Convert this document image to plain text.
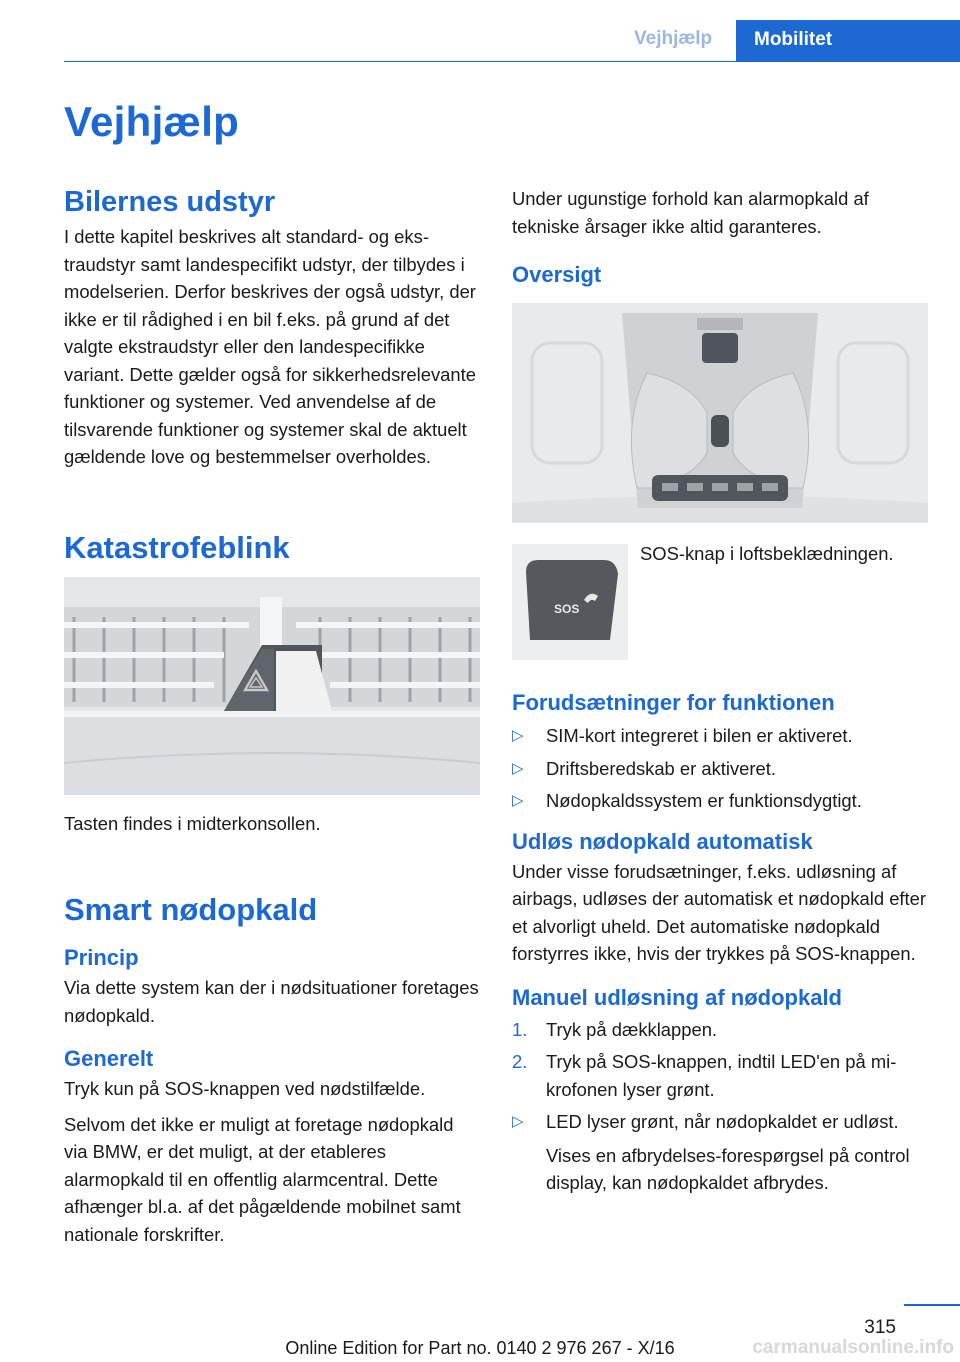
Vejhjælp	Mobilitet
Vejhjælp
Bilernes udstyr

I dette kapitel beskrives alt standard- og ekstraudstyr samt landespecifikt udstyr, der tilbydes i modelserien. Derfor beskrives der også udstyr, der ikke er til rådighed i en bil f.eks. på grund af det valgte ekstraudstyr eller den landespecifikke variant. Dette gælder også for sikkerhedsrelevante funktioner og systemer. Ved anvendelse af de tilsvarende funktioner og systemer skal de aktuelt gældende love og bestemmelser overholdes.

Katastrofeblink

Tasten findes i midterkonsollen.

Smart nødopkald
Princip

Via dette system kan der i nødsituationer foretages nødopkald.

Generelt

Tryk kun på SOS-knappen ved nødstilfælde.

Selvom det ikke er muligt at foretage nødopkald via BMW, er det muligt, at der etableres alarmopkald til en offentlig alarmcentral. Dette afhænger bl.a. af det pågældende mobilnet samt nationale forskrifter.

Under ugunstige forhold kan alarmopkald af tekniske årsager ikke altid garanteres.

Oversigt
SOS

SOS-knap i loftsbeklædningen.

Forudsætninger for funktionen
▷ SIM-kort integreret i bilen er aktiveret.
▷ Driftsberedskab er aktiveret.
▷ Nødopkaldssystem er funktionsdygtigt.
Udløs nødopkald automatisk

Under visse forudsætninger, f.eks. udløsning af airbags, udløses der automatisk et nødopkald efter et alvorligt uheld. Det automatiske nødopkald forstyrres ikke, hvis der trykkes på SOS-knappen.

Manuel udløsning af nødopkald
1. Tryk på dækklappen.
2. Tryk på SOS-knappen, indtil LED'en på mikrofonen lyser grønt.
▷ LED lyser grønt, når nødopkaldet er udløst.
Vises en afbrydelses-forespørgsel på control display, kan nødopkaldet afbrydes.
315
Online Edition for Part no. 0140 2 976 267 - X/16	carmanualsonline.info
